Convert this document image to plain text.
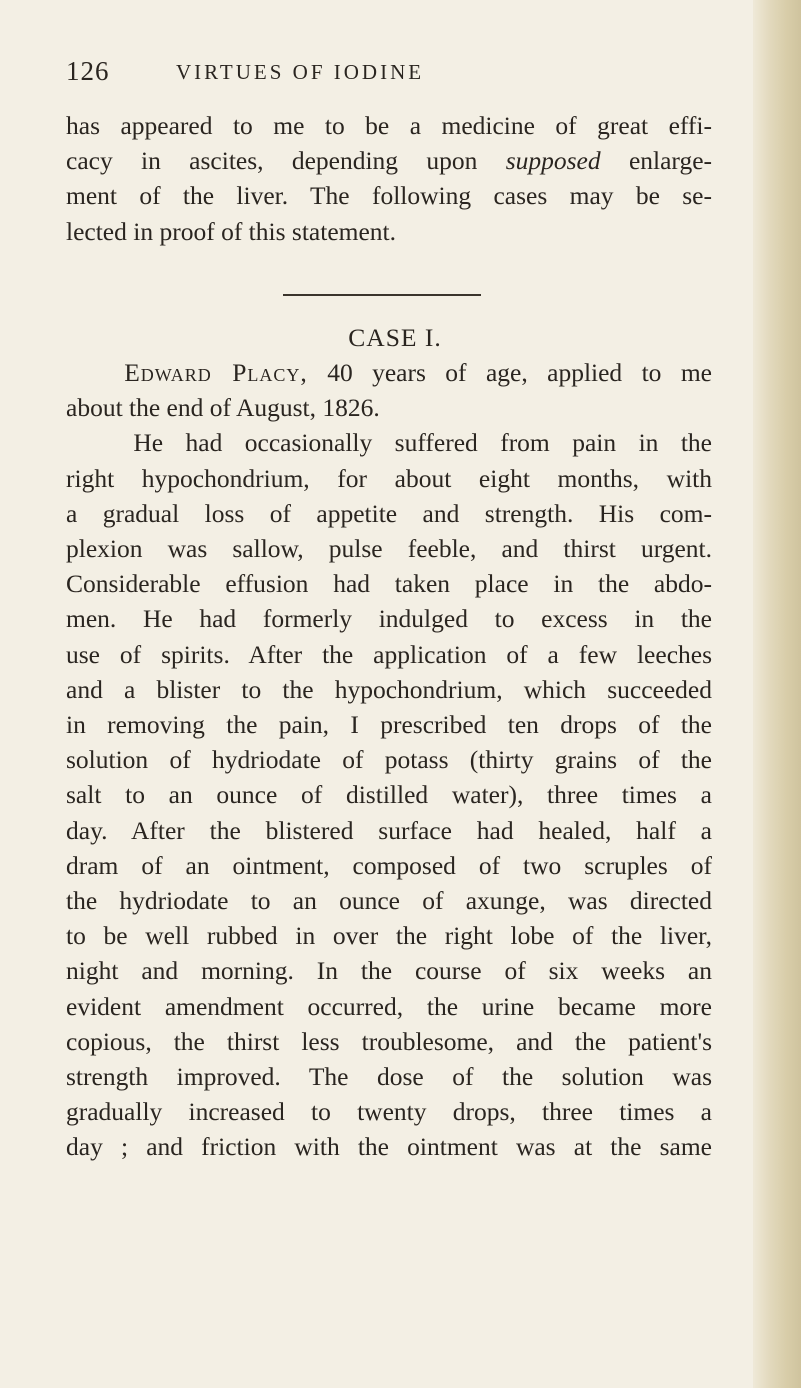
126	VIRTUES OF IODINE
has appeared to me to be a medicine of great effi-
cacy in ascites, depending upon supposed enlarge-
ment of the liver. The following cases may be se-
lected in proof of this statement.
CASE I.
Edward Placy, 40 years of age, applied to me
about the end of August, 1826.
He had occasionally suffered from pain in the
right hypochondrium, for about eight months, with
a gradual loss of appetite and strength. His com-
plexion was sallow, pulse feeble, and thirst urgent.
Considerable effusion had taken place in the abdo-
men. He had formerly indulged to excess in the
use of spirits. After the application of a few leeches
and a blister to the hypochondrium, which succeeded
in removing the pain, I prescribed ten drops of the
solution of hydriodate of potass (thirty grains of the
salt to an ounce of distilled water), three times a
day. After the blistered surface had healed, half a
dram of an ointment, composed of two scruples of
the hydriodate to an ounce of axunge, was directed
to be well rubbed in over the right lobe of the liver,
night and morning. In the course of six weeks an
evident amendment occurred, the urine became more
copious, the thirst less troublesome, and the patient's
strength improved. The dose of the solution was
gradually increased to twenty drops, three times a
day ; and friction with the ointment was at the same
